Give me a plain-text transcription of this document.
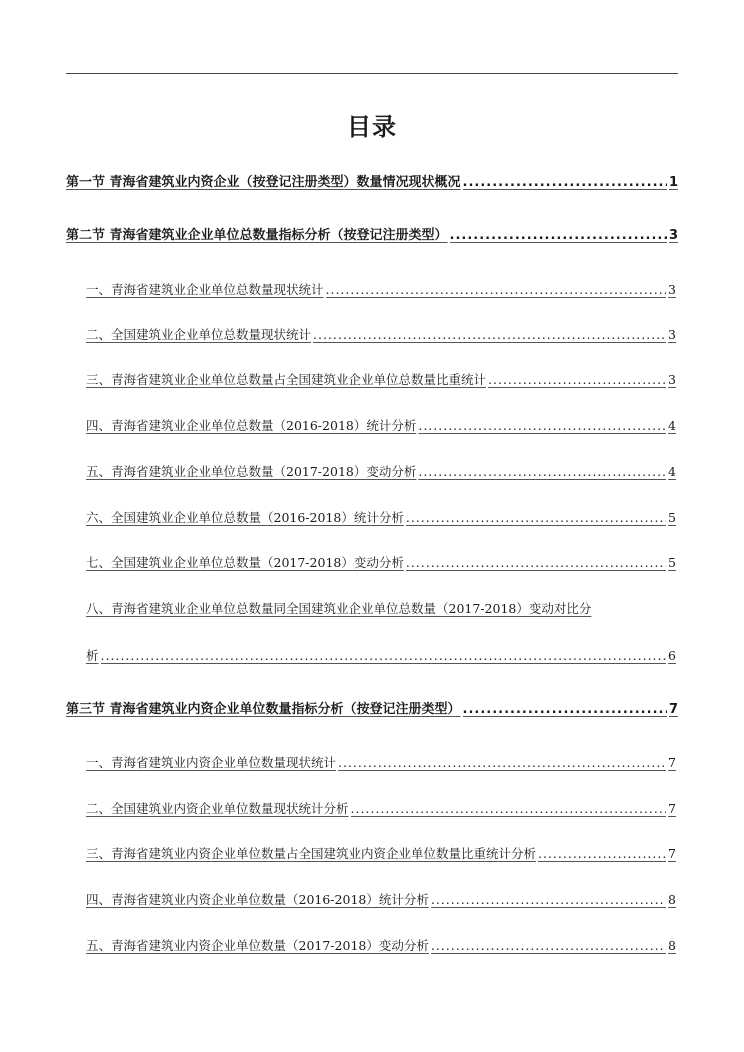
目录
第一节 青海省建筑业内资企业（按登记注册类型）数量情况现状概况 .....	1
第二节 青海省建筑业企业单位总数量指标分析（按登记注册类型） .....	3
一、青海省建筑业企业单位总数量现状统计 .....	3
二、全国建筑业企业单位总数量现状统计 .....	3
三、青海省建筑业企业单位总数量占全国建筑业企业单位总数量比重统计 .....	3
四、青海省建筑业企业单位总数量（2016-2018）统计分析 .....	4
五、青海省建筑业企业单位总数量（2017-2018）变动分析 .....	4
六、全国建筑业企业单位总数量（2016-2018）统计分析 .....	5
七、全国建筑业企业单位总数量（2017-2018）变动分析 .....	5
八、青海省建筑业企业单位总数量同全国建筑业企业单位总数量（2017-2018）变动对比分
析 .....	6
第三节 青海省建筑业内资企业单位数量指标分析（按登记注册类型） .....	7
一、青海省建筑业内资企业单位数量现状统计 .....	7
二、全国建筑业内资企业单位数量现状统计分析 .....	7
三、青海省建筑业内资企业单位数量占全国建筑业内资企业单位数量比重统计分析 .....	7
四、青海省建筑业内资企业单位数量（2016-2018）统计分析 .....	8
五、青海省建筑业内资企业单位数量（2017-2018）变动分析 .....	8
